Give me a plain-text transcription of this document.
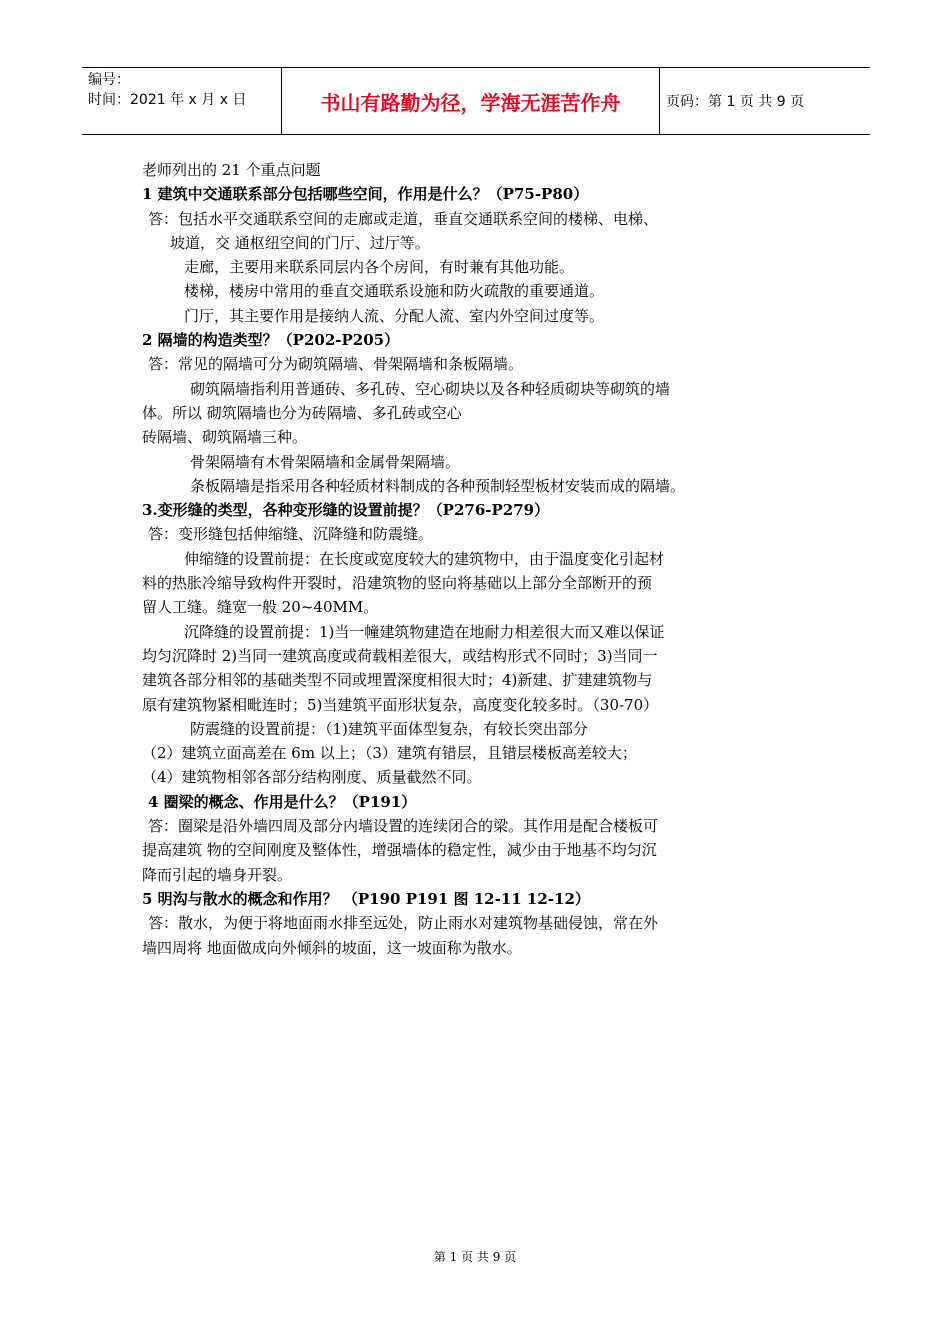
编号：
时间：2021 年 x 月 x 日	书山有路勤为径，学海无涯苦作舟	页码：第 1 页 共 9 页

老师列出的 21 个重点问题

1 建筑中交通联系部分包括哪些空间，作用是什么？（P75-P80）

答：包括水平交通联系空间的走廊或走道，垂直交通联系空间的楼梯、电梯、

坡道，交 通枢纽空间的门厅、过厅等。

走廊，主要用来联系同层内各个房间，有时兼有其他功能。

楼梯，楼房中常用的垂直交通联系设施和防火疏散的重要通道。

门厅，其主要作用是接纳人流、分配人流、室内外空间过度等。

2 隔墙的构造类型？（P202-P205）

答：常见的隔墙可分为砌筑隔墙、骨架隔墙和条板隔墙。

砌筑隔墙指利用普通砖、多孔砖、空心砌块以及各种轻质砌块等砌筑的墙

体。所以 砌筑隔墙也分为砖隔墙、多孔砖或空心

砖隔墙、砌筑隔墙三种。

骨架隔墙有木骨架隔墙和金属骨架隔墙。

条板隔墙是指采用各种轻质材料制成的各种预制轻型板材安装而成的隔墙。

3.变形缝的类型，各种变形缝的设置前提？（P276-P279）

答：变形缝包括伸缩缝、沉降缝和防震缝。

伸缩缝的设置前提：在长度或宽度较大的建筑物中，由于温度变化引起材

料的热胀冷缩导致构件开裂时，沿建筑物的竖向将基础以上部分全部断开的预

留人工缝。缝宽一般 20~40MM。

沉降缝的设置前提：1)当一幢建筑物建造在地耐力相差很大而又难以保证

均匀沉降时 2)当同一建筑高度或荷载相差很大，或结构形式不同时；3)当同一

建筑各部分相邻的基础类型不同或埋置深度相很大时；4)新建、扩建建筑物与

原有建筑物紧相毗连时；5)当建筑平面形状复杂，高度变化较多时。（30-70）

防震缝的设置前提：（1)建筑平面体型复杂，有较长突出部分

（2）建筑立面高差在 6m 以上；（3）建筑有错层，且错层楼板高差较大；

（4）建筑物相邻各部分结构刚度、质量截然不同。

4 圈梁的概念、作用是什么？（P191）

答：圈梁是沿外墙四周及部分内墙设置的连续闭合的梁。其作用是配合楼板可

提高建筑 物的空间刚度及整体性，增强墙体的稳定性，减少由于地基不均匀沉

降而引起的墙身开裂。

5 明沟与散水的概念和作用？ （P190 P191 图 12-11 12-12）

答：散水，为便于将地面雨水排至远处，防止雨水对建筑物基础侵蚀，常在外

墙四周将 地面做成向外倾斜的坡面，这一坡面称为散水。

第 1 页 共 9 页
